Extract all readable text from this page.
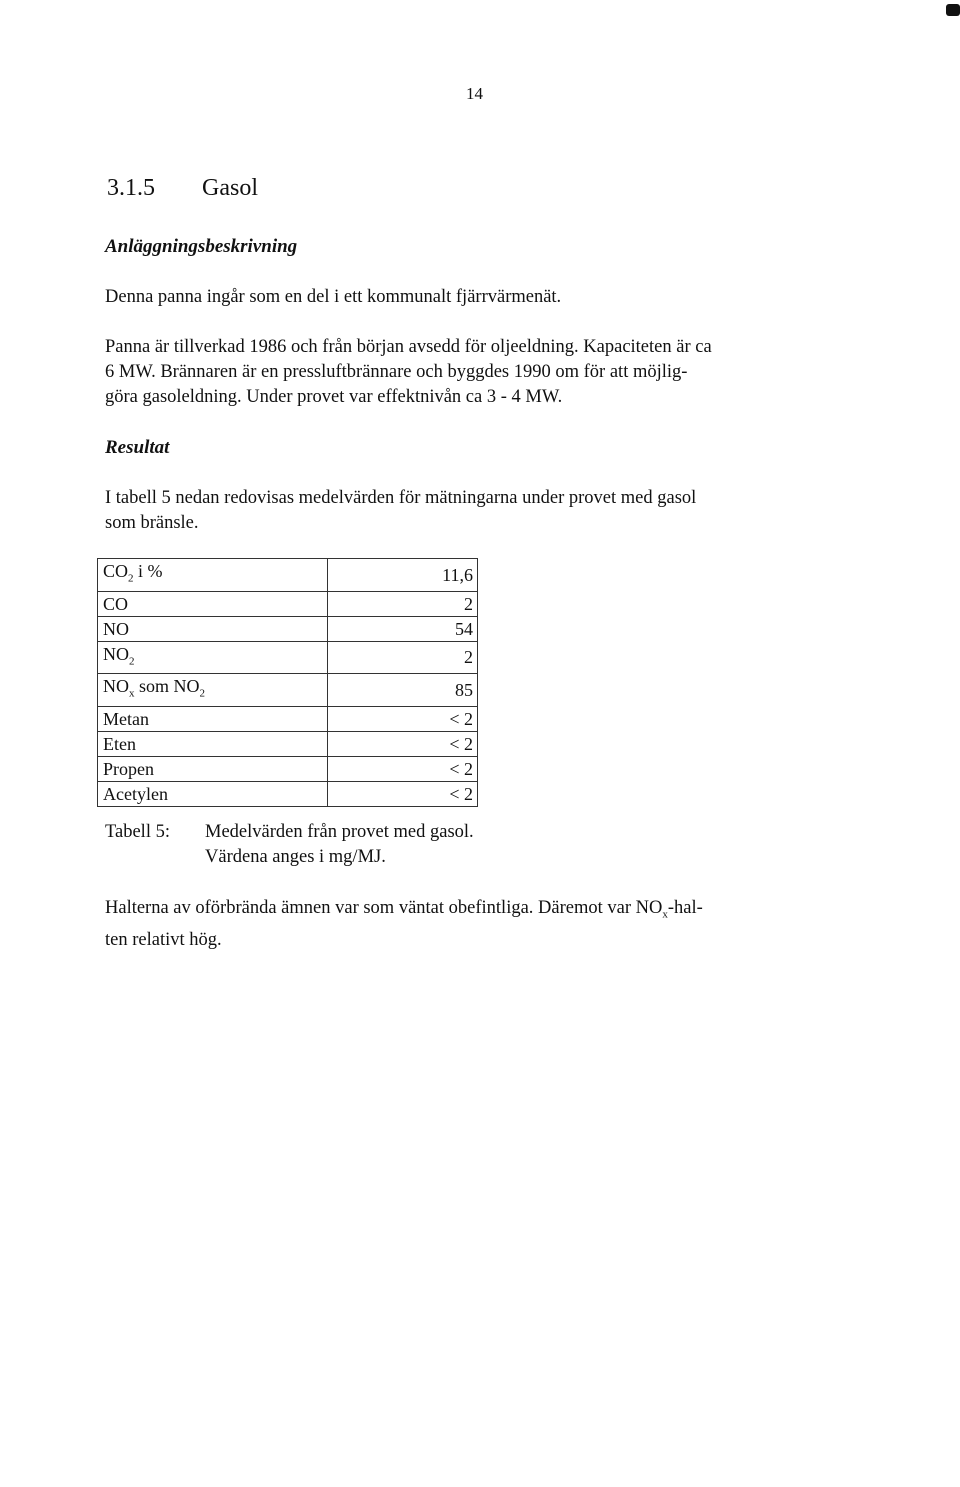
14
3.1.5 Gasol
Anläggningsbeskrivning
Denna panna ingår som en del i ett kommunalt fjärrvärmenät.
Panna är tillverkad 1986 och från början avsedd för oljeeldning. Kapaciteten är ca
6 MW. Brännaren är en pressluftbrännare och byggdes 1990 om för att möjlig-
göra gasoleldning. Under provet var effektnivån ca 3 - 4 MW.
Resultat
I tabell 5 nedan redovisas medelvärden för mätningarna under provet med gasol
som bränsle.
$CO_2$ i %	11,6
CO	2
NO	54
$NO_2$	2
$NO_x$ som $NO_2$	85
Metan	< 2
Eten	< 2
Propen	< 2
Acetylen	< 2
Tabell 5: Medelvärden från provet med gasol.
Värdena anges i mg/MJ.
Halterna av oförbrända ämnen var som väntat obefintliga. Däremot var $NO_x-hal-$
ten relativt hög.
